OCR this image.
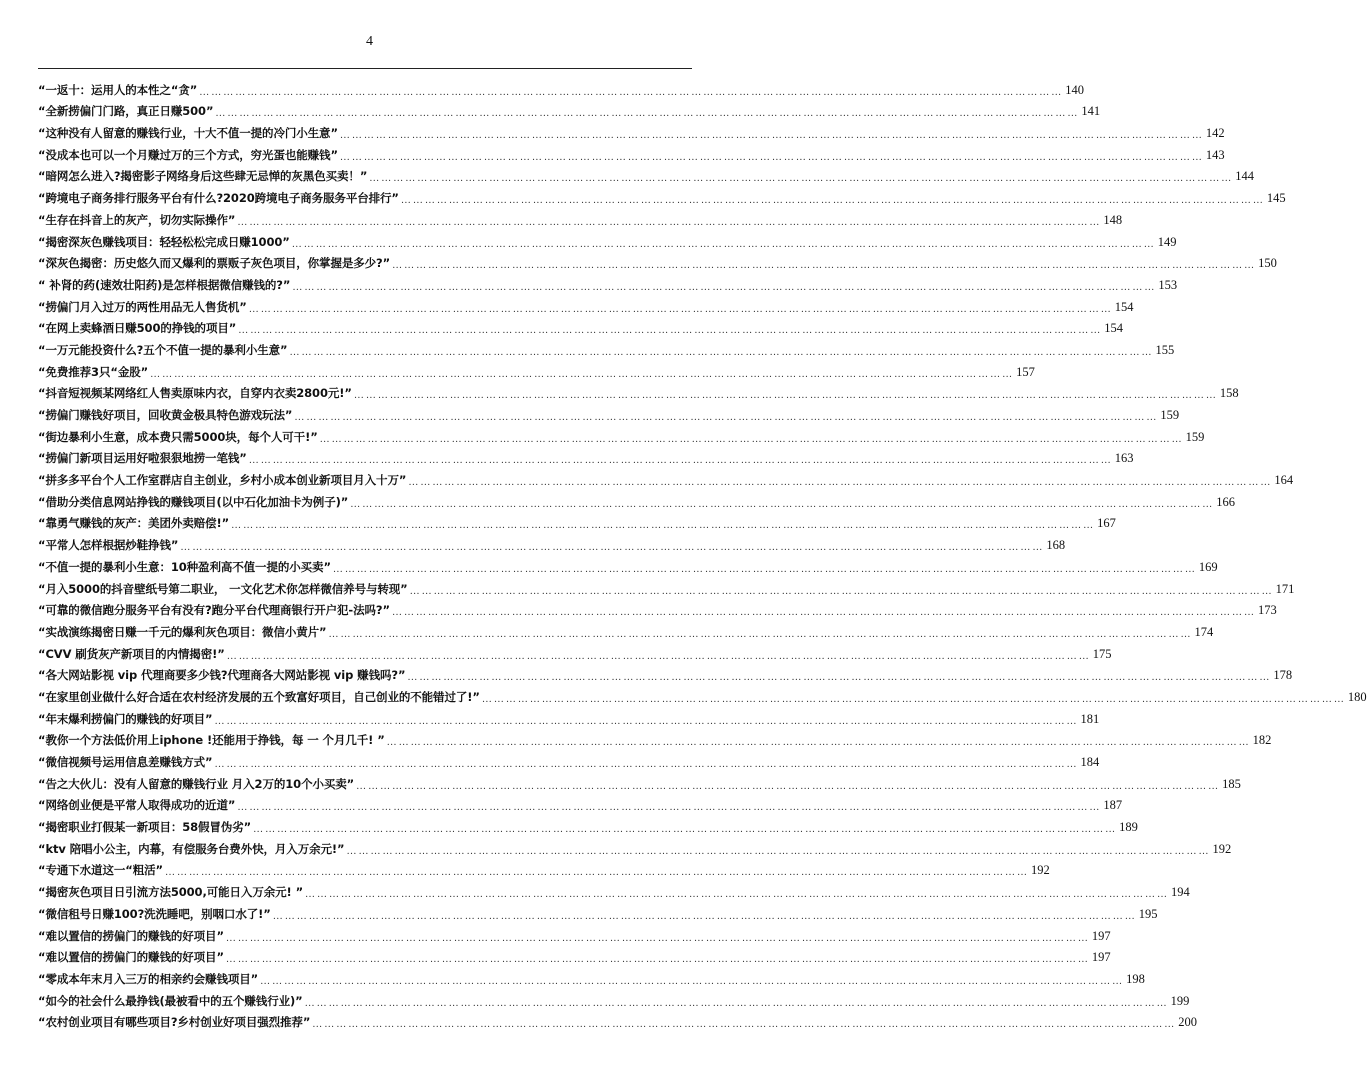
4
“一返十：运用人的本性之“贪” ……………………………………………………………………………………………………………………………………………………………………………………………… 140
“全新捞偏门门路，真正日赚500” ……………………………………………………………………………………………………………………………………………………………………………………………… 141
“这种没有人留意的赚钱行业，十大不值一提的冷门小生意” ……………………………………………………………………………………………………………………………………………………………………………………………… 142
“没成本也可以一个月赚过万的三个方式，穷光蛋也能赚钱” ……………………………………………………………………………………………………………………………………………………………………………………………… 143
“暗网怎么进入?揭密影子网络身后这些肆无忌惮的灰黑色买卖！” ……………………………………………………………………………………………………………………………………………………………………………………………… 144
“跨境电子商务排行服务平台有什么?2020跨境电子商务服务平台排行” ……………………………………………………………………………………………………………………………………………………………………………………………… 145
“生存在抖音上的灰产，切勿实际操作” ……………………………………………………………………………………………………………………………………………………………………………………………… 148
“揭密深灰色赚钱项目：轻轻松松完成日赚1000” ……………………………………………………………………………………………………………………………………………………………………………………………… 149
“深灰色揭密：历史悠久而又爆利的票贩子灰色项目，你掌握是多少?” ……………………………………………………………………………………………………………………………………………………………………………………………… 150
“ 补肾的药(速效壮阳药)是怎样根据微信赚钱的?” ……………………………………………………………………………………………………………………………………………………………………………………………… 153
“捞偏门月入过万的两性用品无人售货机” ……………………………………………………………………………………………………………………………………………………………………………………………… 154
“在网上卖蜂酒日赚500的挣钱的项目” ……………………………………………………………………………………………………………………………………………………………………………………………… 154
“一万元能投资什么?五个不值一提的暴利小生意” ……………………………………………………………………………………………………………………………………………………………………………………………… 155
“免费推荐3只“金股” ……………………………………………………………………………………………………………………………………………………………………………………………… 157
“抖音短视频某网络红人售卖原味内衣，自穿内衣卖2800元!” ……………………………………………………………………………………………………………………………………………………………………………………………… 158
“捞偏门赚钱好项目，回收黄金极具特色游戏玩法” ……………………………………………………………………………………………………………………………………………………………………………………………… 159
“街边暴利小生意，成本费只需5000块，每个人可干!” ……………………………………………………………………………………………………………………………………………………………………………………………… 159
“捞偏门新项目运用好啦狠狠地捞一笔钱” ……………………………………………………………………………………………………………………………………………………………………………………………… 163
“拼多多平台个人工作室群店自主创业，乡村小成本创业新项目月入十万” ……………………………………………………………………………………………………………………………………………………………………………………………… 164
“借助分类信息网站挣钱的赚钱项目(以中石化加油卡为例子)” ……………………………………………………………………………………………………………………………………………………………………………………………… 166
“靠勇气赚钱的灰产：美团外卖赔偿!” ……………………………………………………………………………………………………………………………………………………………………………………………… 167
“平常人怎样根据炒鞋挣钱” ……………………………………………………………………………………………………………………………………………………………………………………………… 168
“不值一提的暴利小生意：10种盈利高不值一提的小买卖” ……………………………………………………………………………………………………………………………………………………………………………………………… 169
“月入5000的抖音壁纸号第二职业， 一文化艺术你怎样微信养号与转现” ……………………………………………………………………………………………………………………………………………………………………………………………… 171
“可靠的微信跑分服务平台有没有?跑分平台代理商银行开户犯-法吗?” ……………………………………………………………………………………………………………………………………………………………………………………………… 173
“实战演练揭密日赚一千元的爆利灰色项目：微信小黄片” ……………………………………………………………………………………………………………………………………………………………………………………………… 174
“CVV 刷货灰产新项目的内情揭密!” ……………………………………………………………………………………………………………………………………………………………………………………………… 175
“各大网站影视 vip 代理商要多少钱?代理商各大网站影视 vip 赚钱吗?” ……………………………………………………………………………………………………………………………………………………………………………………………… 178
“在家里创业做什么好合适在农村经济发展的五个致富好项目，自己创业的不能错过了!” ……………………………………………………………………………………………………………………………………………………………………………………………… 180
“年末爆利捞偏门的赚钱的好项目” ……………………………………………………………………………………………………………………………………………………………………………………………… 181
“教你一个方法低价用上iphone !还能用于挣钱，每 一 个月几千! ” ……………………………………………………………………………………………………………………………………………………………………………………………… 182
“微信视频号运用信息差赚钱方式” ……………………………………………………………………………………………………………………………………………………………………………………………… 184
“告之大伙儿：没有人留意的赚钱行业 月入2万的10个小买卖” ……………………………………………………………………………………………………………………………………………………………………………………………… 185
“网络创业便是平常人取得成功的近道” ……………………………………………………………………………………………………………………………………………………………………………………………… 187
“揭密职业打假某一新项目：58假冒伪劣” ……………………………………………………………………………………………………………………………………………………………………………………………… 189
“ktv 陪唱小公主，内幕，有偿服务台费外快，月入万余元!” ……………………………………………………………………………………………………………………………………………………………………………………………… 192
“专通下水道这一“粗活” ……………………………………………………………………………………………………………………………………………………………………………………………… 192
“揭密灰色项目日引流方法5000,可能日入万余元! ” ……………………………………………………………………………………………………………………………………………………………………………………………… 194
“微信租号日赚100?洗洗睡吧，别咽口水了!” ……………………………………………………………………………………………………………………………………………………………………………………………… 195
“难以置信的捞偏门的赚钱的好项目” ……………………………………………………………………………………………………………………………………………………………………………………………… 197
“难以置信的捞偏门的赚钱的好项目” ……………………………………………………………………………………………………………………………………………………………………………………………… 197
“零成本年末月入三万的相亲约会赚钱项目” ……………………………………………………………………………………………………………………………………………………………………………………………… 198
“如今的社会什么最挣钱(最被看中的五个赚钱行业)” ……………………………………………………………………………………………………………………………………………………………………………………………… 199
“农村创业项目有哪些项目?乡村创业好项目强烈推荐” ……………………………………………………………………………………………………………………………………………………………………………………………… 200
